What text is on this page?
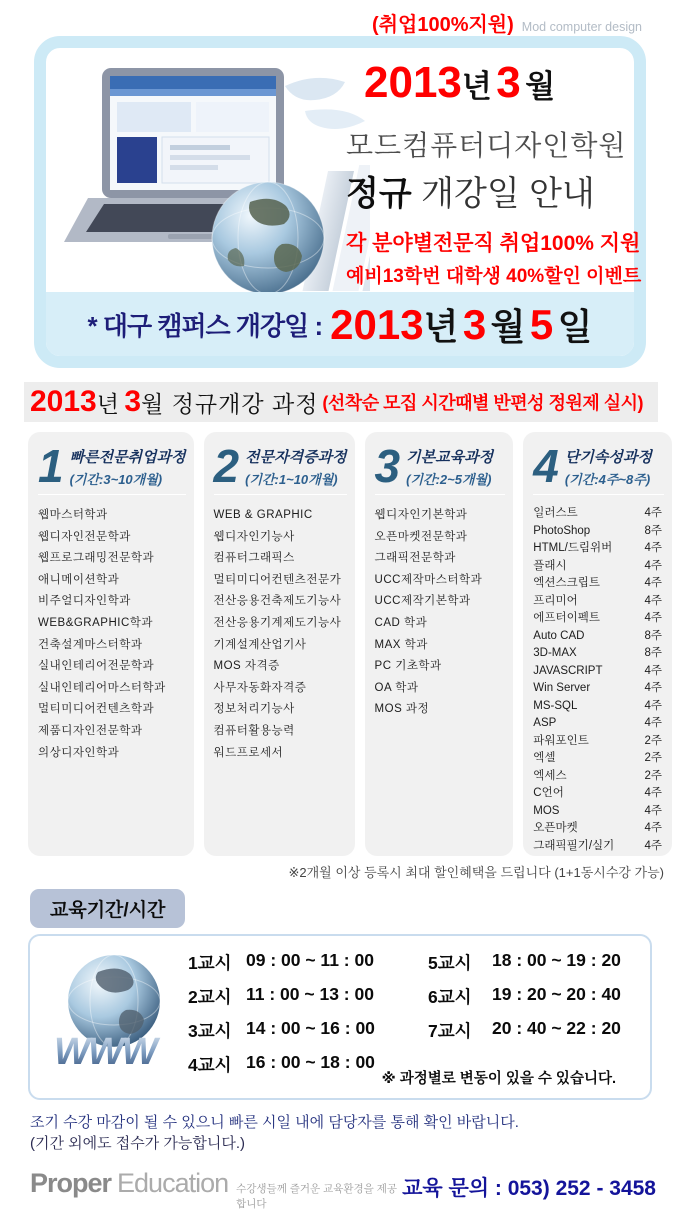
(취업100%지원) Mod computer design
2013년 3 월
모드컴퓨터디자인학원
정규 개강일 안내
각 분야별전문직 취업100% 지원
예비13학번 대학생 40%할인 이벤트
* 대구 캠퍼스 개강일 : 2013년 3 월 5 일
2013 년
3 월 정규개강 과정 (선착순 모집 시간때별 반편성 정원제 실시)
1 빠른전문취업과정
(기간:3~10개월)
웹마스터학과
웹디자인전문학과
웹프로그래밍전문학과
애니메이션학과
비주얼디자인학과
WEB&GRAPHIC학과
건축설계마스터학과
실내인테리어전문학과
실내인테리어마스터학과
멀티미디어컨텐츠학과
제품디자인전문학과
의상디자인학과
2 전문자격증과정
(기간:1~10개월)
WEB & GRAPHIC
웹디자인기능사
컴퓨터그래픽스
멀티미디어컨텐츠전문가
전산응용건축제도기능사
전산응용기계제도기능사
기계설계산업기사
MOS 자격증
사무자동화자격증
정보처리기능사
컴퓨터활용능력
워드프로세서
3 기본교육과정
(기간:2~5개월)
웹디자인기본학과
오픈마켓전문학과
그래픽전문학과
UCC제작마스터학과
UCC제작기본학과
CAD 학과
MAX 학과
PC 기초학과
OA 학과
MOS 과정
4 단기속성과정
(기간:4주~8주)
일러스트	4주
PhotoShop	8주
HTML/드림위버	4주
플래시	4주
엑션스크립트	4주
프리미어	4주
에프터이펙트	4주
Auto CAD	8주
3D-MAX	8주
JAVASCRIPT	4주
Win Server	4주
MS-SQL	4주
ASP	4주
파워포인트	2주
엑셀	2주
엑세스	2주
C언어	4주
MOS	4주
오픈마켓	4주
그래픽필기/실기	4주
※2개월 이상 등록시 최대 할인혜택을 드립니다 (1+1동시수강 가능)
교육기간/시간
WWW
1교시 09 : 00 ~ 11 : 00	5교시	18 : 00 ~ 19 : 20
2교시 11 : 00 ~ 13 : 00	6교시	19 : 20 ~ 20 : 40
3교시 14 : 00 ~ 16 : 00	7교시	20 : 40 ~ 22 : 20
4교시 16 : 00 ~ 18 : 00
※ 과정별로 변동이 있을 수 있습니다.
조기 수강 마감이 될 수 있으니 빠른 시일 내에 담당자를 통해 확인 바랍니다.
(기간 외에도 접수가 가능합니다.)
Proper Education 수강생들께 즐거운 교육환경을 제공합니다
교육 문의 : 053) 252 - 3458
